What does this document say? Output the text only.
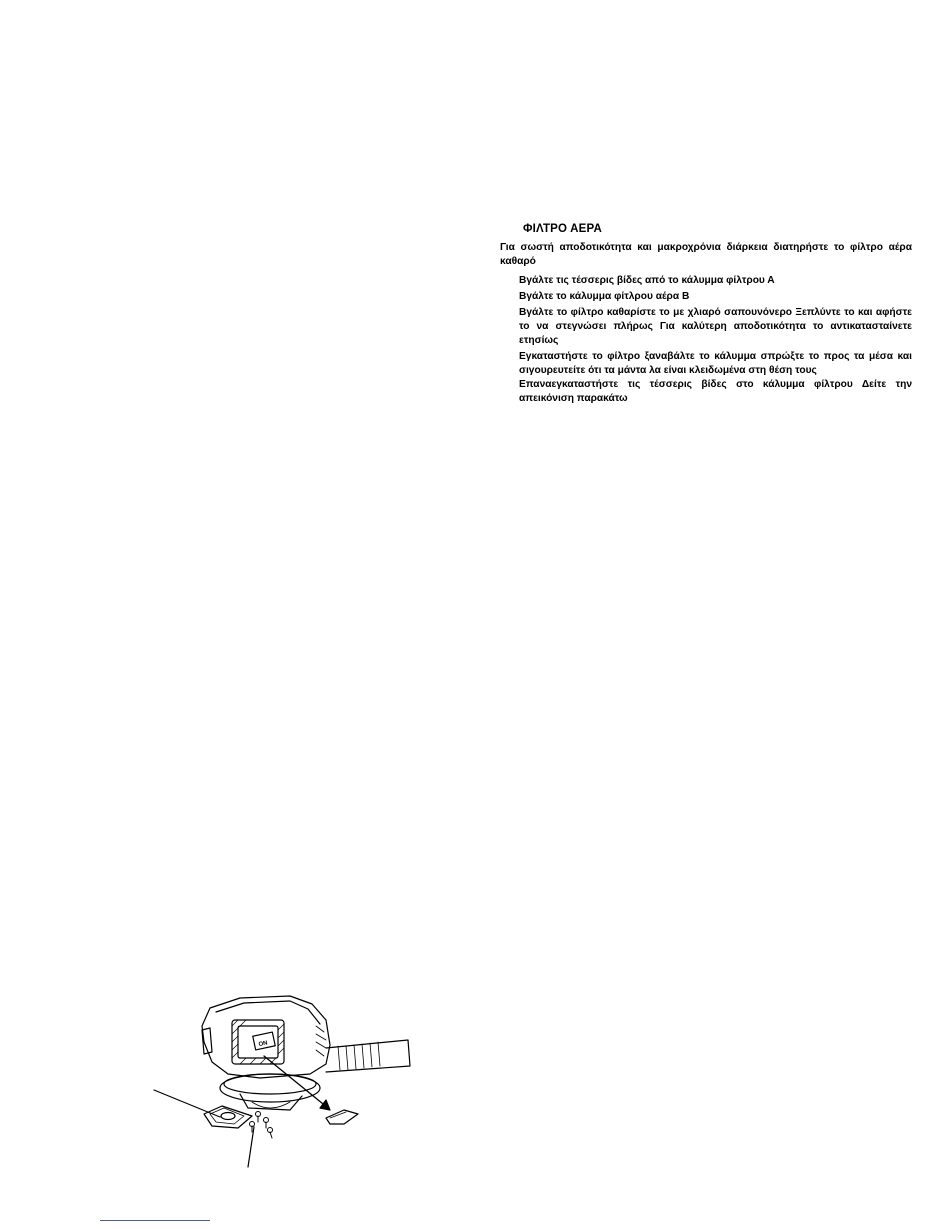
ΦΙΛΤΡΟ ΑΕΡΑ
Για σωστή αποδοτικότητα και μακροχρόνια διάρκεια διατηρήστε το φίλτρο αέρα καθαρό
Βγάλτε τις τέσσερις βίδες από το κάλυμμα φίλτρου Α
Βγάλτε το κάλυμμα φίτλρου αέρα Β
Βγάλτε το φίλτρο καθαρίστε το με χλιαρό σαπουνόνερο Ξεπλύντε το και αφήστε το να στεγνώσει πλήρως Για καλύτερη αποδοτικότητα το αντικατασταίνετε ετησίως
Εγκαταστήστε το φίλτρο ξαναβάλτε το κάλυμμα σπρώξτε το προς τα μέσα και σιγουρευτείτε ότι τα μάντα λα είναι κλειδωμένα στη θέση τους
Επαναεγκαταστήστε τις τέσσερις βίδες στο κάλυμμα φίλτρου Δείτε την απεικόνιση παρακάτω
ON
